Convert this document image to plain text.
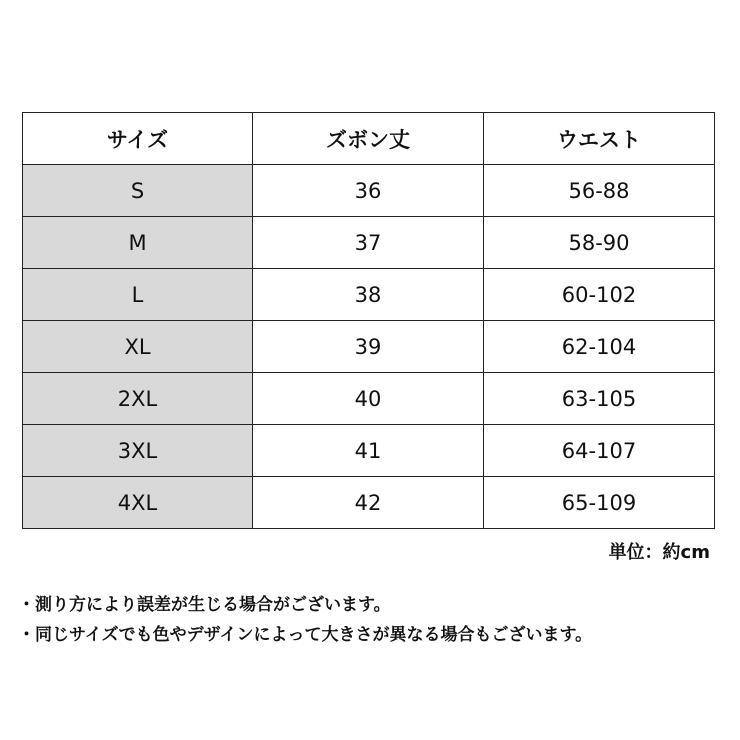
サイズ	ズボン丈	ウエスト
S	36	56-88
M	37	58-90
L	38	60-102
XL	39	62-104
2XL	40	63-105
3XL	41	64-107
4XL	42	65-109
単位：約cm
・測り方により誤差が生じる場合がございます。
・同じサイズでも色やデザインによって大きさが異なる場合もございます。
